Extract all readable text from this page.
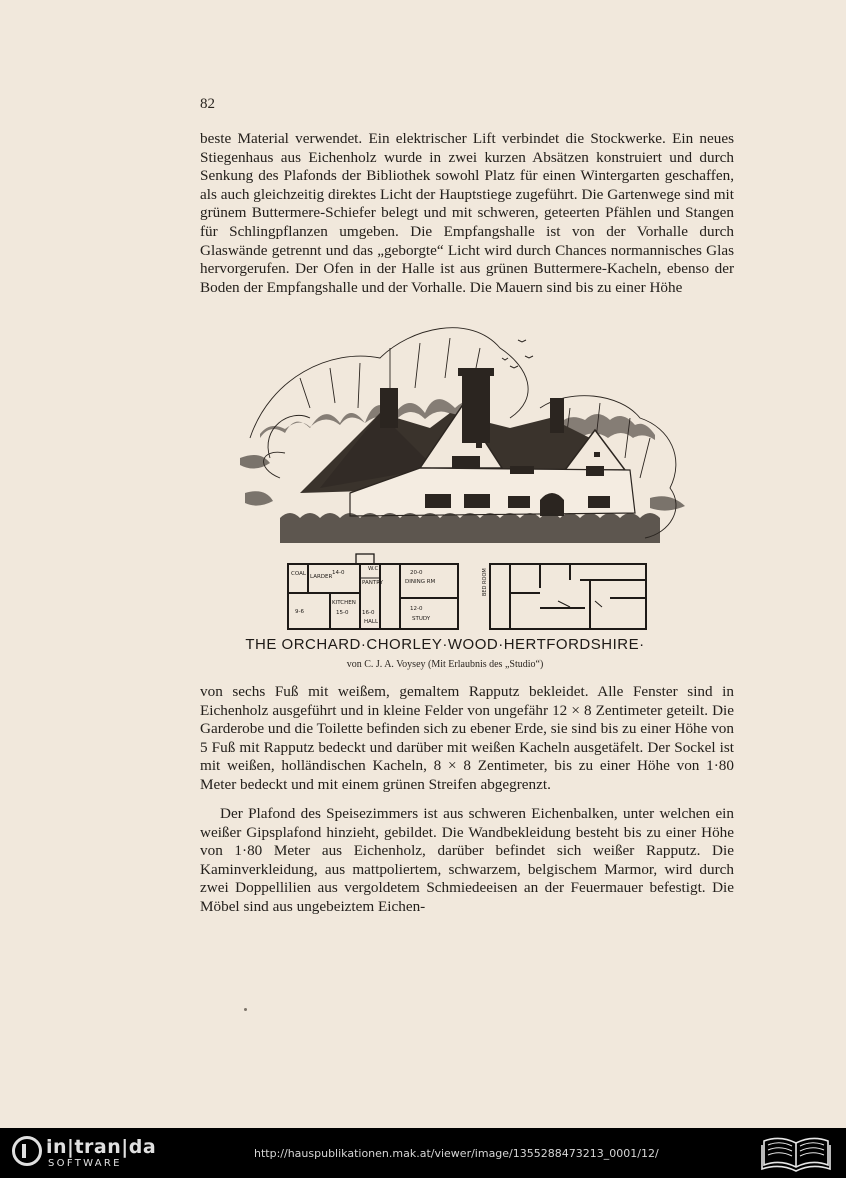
82

beste Material verwendet. Ein elektrischer Lift verbindet die Stockwerke. Ein neues Stiegenhaus aus Eichenholz wurde in zwei kurzen Absätzen konstruiert und durch Senkung des Plafonds der Bibliothek sowohl Platz für einen Wintergarten geschaffen, als auch gleichzeitig direktes Licht der Hauptstiege zugeführt. Die Gartenwege sind mit grünem Buttermere-Schiefer belegt und mit schweren, geteerten Pfählen und Stangen für Schlingpflanzen umgeben. Die Empfangshalle ist von der Vorhalle durch Glaswände getrennt und das „geborgte“ Licht wird durch Chances normannisches Glas hervorgerufen. Der Ofen in der Halle ist aus grünen Buttermere-Kacheln, ebenso der Boden der Empfangshalle und der Vorhalle. Die Mauern sind bis zu einer Höhe

COAL LARDER
14-0
W.C.
PANTRY
20-0
DINING RM
KITCHEN
9-6	15-0 16-0
HALL
12-0
STUDY
BED ROOM
THE ORCHARD·CHORLEY·WOOD·HERTFORDSHIRE·
von C. J. A. Voysey (Mit Erlaubnis des „Studio“)

von sechs Fuß mit weißem, gemaltem Rapputz bekleidet. Alle Fenster sind in Eichenholz ausgeführt und in kleine Felder von ungefähr 12 × 8 Zentimeter geteilt. Die Garderobe und die Toilette befinden sich zu ebener Erde, sie sind bis zu einer Höhe von 5 Fuß mit Rapputz bedeckt und darüber mit weißen Kacheln ausgetäfelt. Der Sockel ist mit weißen, holländischen Kacheln, 8 × 8 Zentimeter, bis zu einer Höhe von 1·80 Meter bedeckt und mit einem grünen Streifen abgegrenzt.

Der Plafond des Speisezimmers ist aus schweren Eichenbalken, unter welchen ein weißer Gipsplafond hinzieht, gebildet. Die Wandbekleidung besteht bis zu einer Höhe von 1·80 Meter aus Eichenholz, darüber befindet sich weißer Rapputz. Die Kaminverkleidung, aus mattpoliertem, schwarzem, belgischem Marmor, wird durch zwei Doppellilien aus vergoldetem Schmiedeeisen an der Feuermauer befestigt. Die Möbel sind aus ungebeiztem Eichen-

in|tran|da
SOFTWARE
http://hauspublikationen.mak.at/viewer/image/1355288473213_0001/12/
